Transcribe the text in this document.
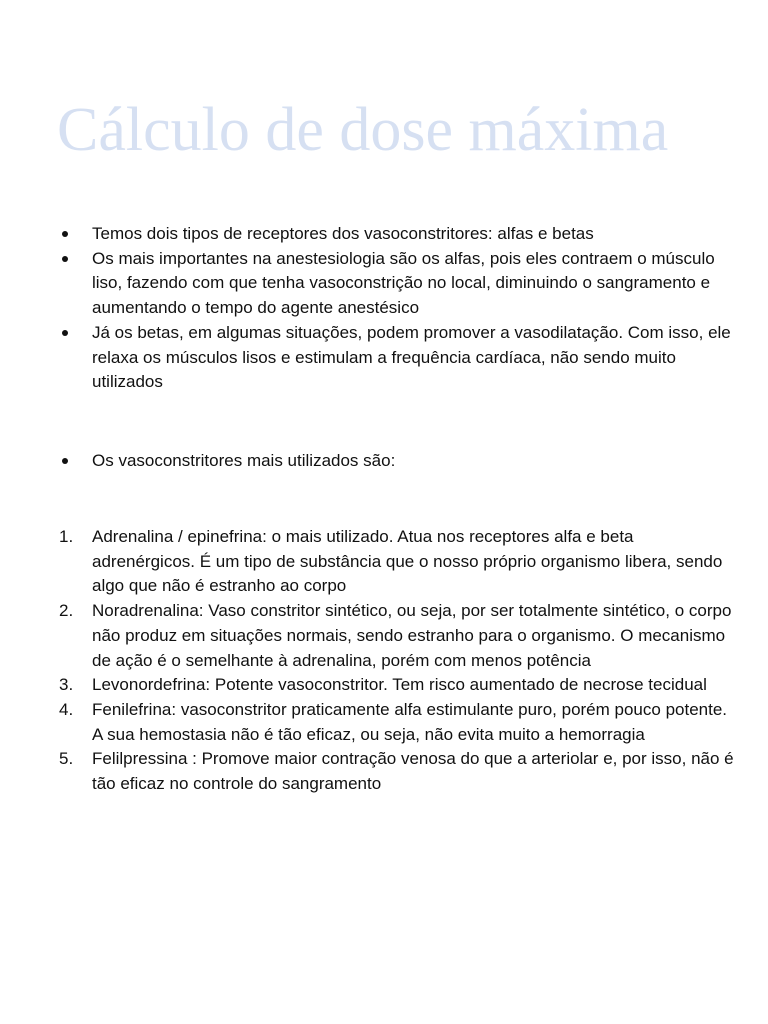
Cálculo de dose máxima
Temos dois tipos de receptores dos vasoconstritores: alfas e betas
Os mais importantes na anestesiologia são os alfas, pois eles contraem o músculo liso, fazendo com que tenha vasoconstrição no local, diminuindo o sangramento e aumentando o tempo do agente anestésico
Já os betas, em algumas situações, podem promover a vasodilatação. Com isso, ele relaxa os músculos lisos e estimulam a frequência cardíaca, não sendo muito utilizados
Os vasoconstritores mais utilizados são:
1.	Adrenalina / epinefrina: o mais utilizado. Atua nos receptores alfa e beta adrenérgicos. É um tipo de substância que o nosso próprio organismo libera, sendo algo que não é estranho ao corpo
2.	Noradrenalina: Vaso constritor sintético, ou seja, por ser totalmente sintético, o corpo não produz em situações normais, sendo estranho para o organismo. O mecanismo de ação é o semelhante à adrenalina, porém com menos potência
3.	Levonordefrina: Potente vasoconstritor. Tem risco aumentado de necrose tecidual
4.	Fenilefrina: vasoconstritor praticamente alfa estimulante puro, porém pouco potente. A sua hemostasia não é tão eficaz, ou seja, não evita muito a hemorragia
5.	Felilpressina : Promove maior contração venosa do que a arteriolar e, por isso, não é tão eficaz no controle do sangramento
